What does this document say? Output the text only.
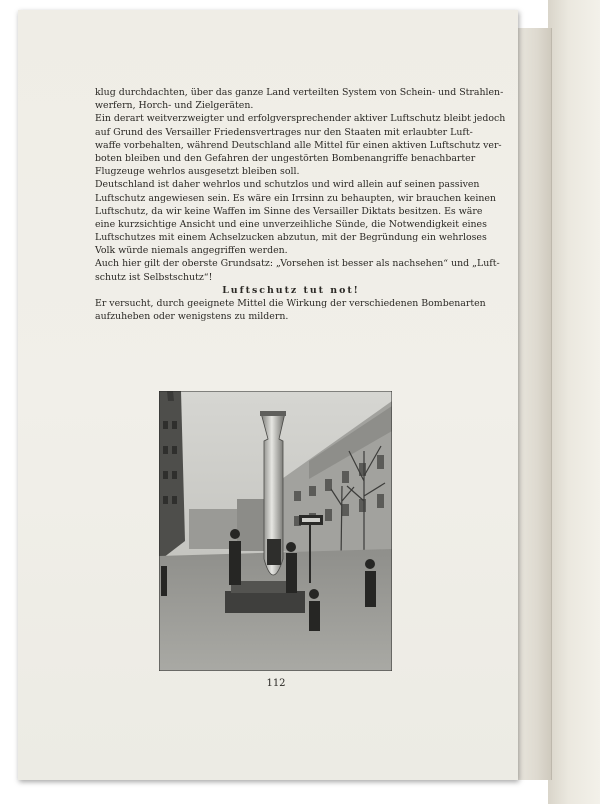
klug durchdachten, über das ganze Land verteilten System von Schein- und Strahlen-
werfern, Horch- und Zielgeräten.
Ein derart weitverzweigter und erfolgversprechender aktiver Luftschutz bleibt jedoch
auf Grund des Versailler Friedensvertrages nur den Staaten mit erlaubter Luft-
waffe vorbehalten, während Deutschland alle Mittel für einen aktiven Luftschutz ver-
boten bleiben und den Gefahren der ungestörten Bombenangriffe benachbarter
Flugzeuge wehrlos ausgesetzt bleiben soll.
Deutschland ist daher wehrlos und schutzlos und wird allein auf seinen passiven
Luftschutz angewiesen sein. Es wäre ein Irrsinn zu behaupten, wir brauchen keinen
Luftschutz, da wir keine Waffen im Sinne des Versailler Diktats besitzen. Es wäre
eine kurzsichtige Ansicht und eine unverzeihliche Sünde, die Notwendigkeit eines
Luftschutzes mit einem Achselzucken abzutun, mit der Begründung ein wehrloses
Volk würde niemals angegriffen werden.
Auch hier gilt der oberste Grundsatz: „Vorsehen ist besser als nachsehen“ und „Luft-
schutz ist Selbstschutz“!
Luftschutz tut not!
Er versucht, durch geeignete Mittel die Wirkung der verschiedenen Bombenarten
aufzuheben oder wenigstens zu mildern.
112
